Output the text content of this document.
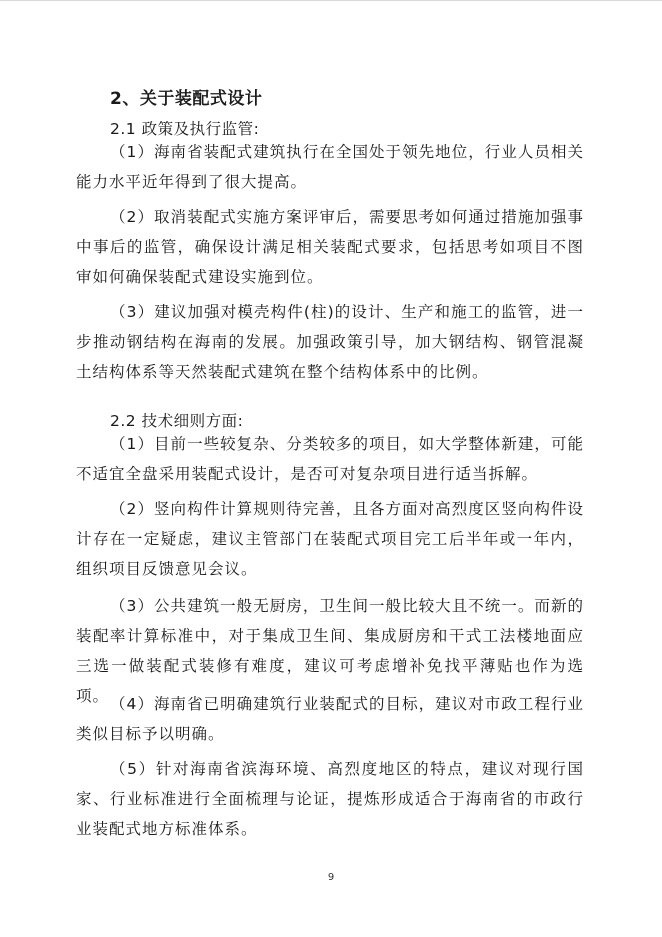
2、关于装配式设计
2.1 政策及执行监管:

（1）海南省装配式建筑执行在全国处于领先地位，行业人员相关能力水平近年得到了很大提高。

（2）取消装配式实施方案评审后，需要思考如何通过措施加强事中事后的监管，确保设计满足相关装配式要求，包括思考如项目不图审如何确保装配式建设实施到位。

（3）建议加强对模壳构件(柱)的设计、生产和施工的监管，进一步推动钢结构在海南的发展。加强政策引导，加大钢结构、钢管混凝土结构体系等天然装配式建筑在整个结构体系中的比例。

2.2 技术细则方面:

（1）目前一些较复杂、分类较多的项目，如大学整体新建，可能不适宜全盘采用装配式设计，是否可对复杂项目进行适当拆解。

（2）竖向构件计算规则待完善，且各方面对高烈度区竖向构件设计存在一定疑虑，建议主管部门在装配式项目完工后半年或一年内，组织项目反馈意见会议。

（3）公共建筑一般无厨房，卫生间一般比较大且不统一。而新的装配率计算标准中，对于集成卫生间、集成厨房和干式工法楼地面应三选一做装配式装修有难度，建议可考虑增补免找平薄贴也作为选项。 （4）海南省已明确建筑行业装配式的目标，建议对市政工程行业类似目标予以明确。

（5）针对海南省滨海环境、高烈度地区的特点，建议对现行国家、行业标准进行全面梳理与论证，提炼形成适合于海南省的市政行业装配式地方标准体系。

9
